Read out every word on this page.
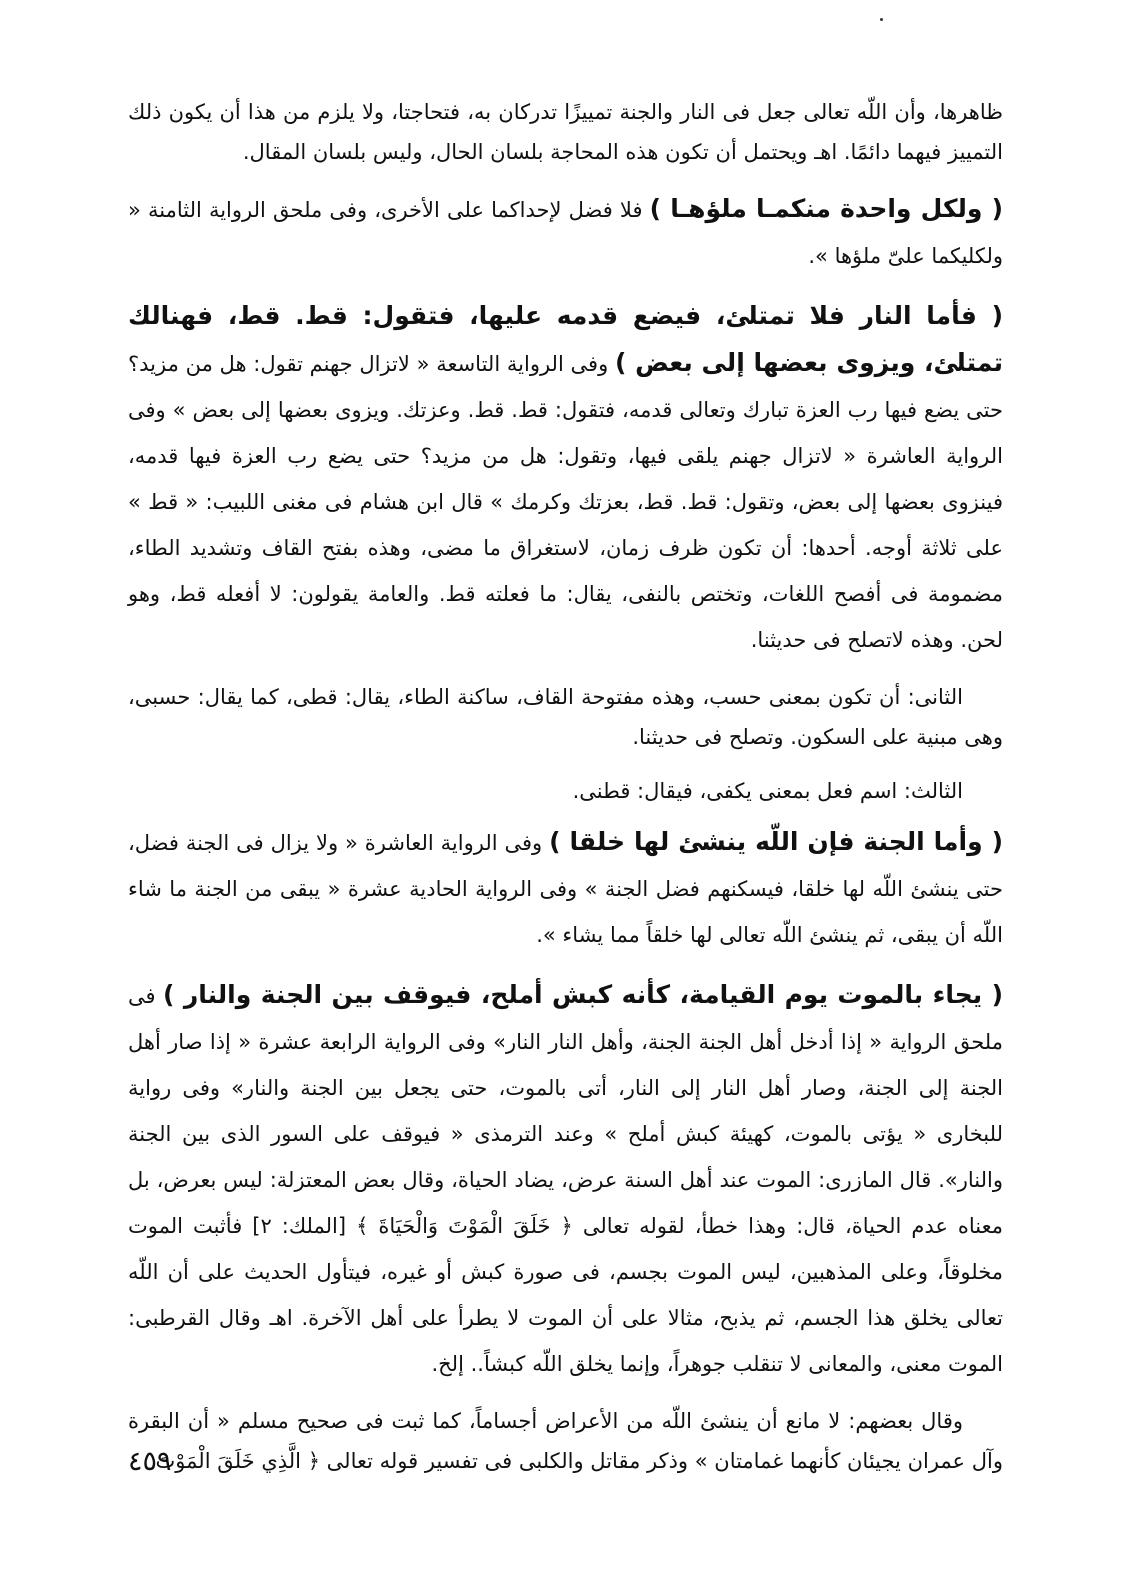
ظاهرها، وأن اللّه تعالى جعل فى النار والجنة تمييزًا تدركان به، فتحاجتا، ولا يلزم من هذا أن يكون ذلك التمييز فيهما دائمًا. اهـ ويحتمل أن تكون هذه المحاجة بلسان الحال، وليس بلسان المقال.

( ولكل واحدة منكمـا ملؤهـا ) فلا فضل لإحداكما على الأخرى، وفى ملحق الرواية الثامنة « ولكليكما علىّ ملؤها ».

( فأما النار فلا تمتلئ، فيضع قدمه عليها، فتقول: قط. قط، فهنالك تمتلئ، ويزوى بعضها إلى بعض ) وفى الرواية التاسعة « لاتزال جهنم تقول: هل من مزيد؟ حتى يضع فيها رب العزة تبارك وتعالى قدمه، فتقول: قط. قط. وعزتك. ويزوى بعضها إلى بعض » وفى الرواية العاشرة « لاتزال جهنم يلقى فيها، وتقول: هل من مزيد؟ حتى يضع رب العزة فيها قدمه، فينزوى بعضها إلى بعض، وتقول: قط. قط، بعزتك وكرمك » قال ابن هشام فى مغنى اللبيب: « قط » على ثلاثة أوجه. أحدها: أن تكون ظرف زمان، لاستغراق ما مضى، وهذه بفتح القاف وتشديد الطاء، مضمومة فى أفصح اللغات، وتختص بالنفى، يقال: ما فعلته قط. والعامة يقولون: لا أفعله قط، وهو لحن. وهذه لاتصلح فى حديثنا.

الثانى: أن تكون بمعنى حسب، وهذه مفتوحة القاف، ساكنة الطاء، يقال: قطى، كما يقال: حسبى، وهى مبنية على السكون. وتصلح فى حديثنا.

الثالث: اسم فعل بمعنى يكفى، فيقال: قطنى.

( وأما الجنة فإن اللّه ينشئ لها خلقا ) وفى الرواية العاشرة « ولا يزال فى الجنة فضل، حتى ينشئ اللّه لها خلقا، فيسكنهم فضل الجنة » وفى الرواية الحادية عشرة « يبقى من الجنة ما شاء اللّه أن يبقى، ثم ينشئ اللّه تعالى لها خلقاً مما يشاء ».

( يجاء بالموت يوم القيامة، كأنه كبش أملح، فيوقف بين الجنة والنار ) فى ملحق الرواية « إذا أدخل أهل الجنة الجنة، وأهل النار النار» وفى الرواية الرابعة عشرة « إذا صار أهل الجنة إلى الجنة، وصار أهل النار إلى النار، أتى بالموت، حتى يجعل بين الجنة والنار» وفى رواية للبخارى « يؤتى بالموت، كهيئة كبش أملح » وعند الترمذى « فيوقف على السور الذى بين الجنة والنار». قال المازرى: الموت عند أهل السنة عرض، يضاد الحياة، وقال بعض المعتزلة: ليس بعرض، بل معناه عدم الحياة، قال: وهذا خطأ، لقوله تعالى ﴿ خَلَقَ الْمَوْتَ وَالْحَيَاةَ ﴾ [الملك: ٢] فأثبت الموت مخلوقاً، وعلى المذهبين، ليس الموت بجسم، فى صورة كبش أو غيره، فيتأول الحديث على أن اللّه تعالى يخلق هذا الجسم، ثم يذبح، مثالا على أن الموت لا يطرأ على أهل الآخرة. اهـ وقال القرطبى: الموت معنى، والمعانى لا تنقلب جوهراً، وإنما يخلق اللّه كبشاً.. إلخ.

وقال بعضهم: لا مانع أن ينشئ اللّه من الأعراض أجساماً، كما ثبت فى صحيح مسلم « أن البقرة وآل عمران يجيئان كأنهما غمامتان » وذكر مقاتل والكلبى فى تفسير قوله تعالى ﴿ الَّذِي خَلَقَ الْمَوْتَ

٤٥٩
